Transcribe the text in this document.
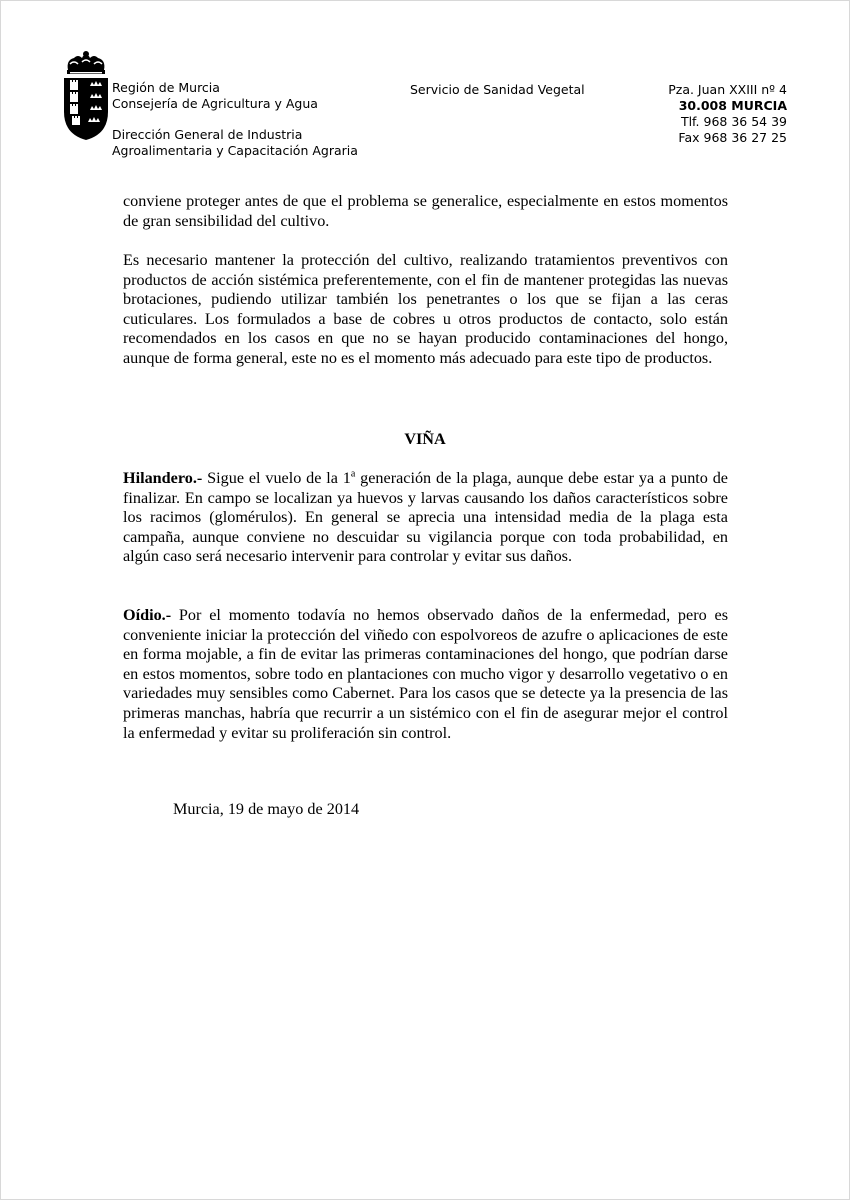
Región de Murcia
Consejería de Agricultura y Agua
Dirección General de Industria
Agroalimentaria y Capacitación Agraria
Servicio de Sanidad Vegetal	Pza. Juan XXIII nº 4
30.008 MURCIA
Tlf. 968 36 54 39
Fax 968 36 27 25

conviene proteger antes de que el problema se generalice, especialmente en estos momentos de gran sensibilidad del cultivo.

Es necesario mantener la protección del cultivo, realizando tratamientos preventivos con productos de acción sistémica preferentemente, con el fin de mantener protegidas las nuevas brotaciones, pudiendo utilizar también los penetrantes o los que se fijan a las ceras cuticulares. Los formulados a base de cobres u otros productos de contacto, solo están recomendados en los casos en que no se hayan producido contaminaciones del hongo, aunque de forma general, este no es el momento más adecuado para este tipo de productos.

VIÑA

Hilandero.- Sigue el vuelo de la 1$^a$ generación de la plaga, aunque debe estar ya a punto de finalizar. En campo se localizan ya huevos y larvas causando los daños característicos sobre los racimos (glomérulos). En general se aprecia una intensidad media de la plaga esta campaña, aunque conviene no descuidar su vigilancia porque con toda probabilidad, en algún caso será necesario intervenir para controlar y evitar sus daños.

Oídio.- Por el momento todavía no hemos observado daños de la enfermedad, pero es conveniente iniciar la protección del viñedo con espolvoreos de azufre o aplicaciones de este en forma mojable, a fin de evitar las primeras contaminaciones del hongo, que podrían darse en estos momentos, sobre todo en plantaciones con mucho vigor y desarrollo vegetativo o en variedades muy sensibles como Cabernet. Para los casos que se detecte ya la presencia de las primeras manchas, habría que recurrir a un sistémico con el fin de asegurar mejor el control la enfermedad y evitar su proliferación sin control.

Murcia, 19 de mayo de 2014
